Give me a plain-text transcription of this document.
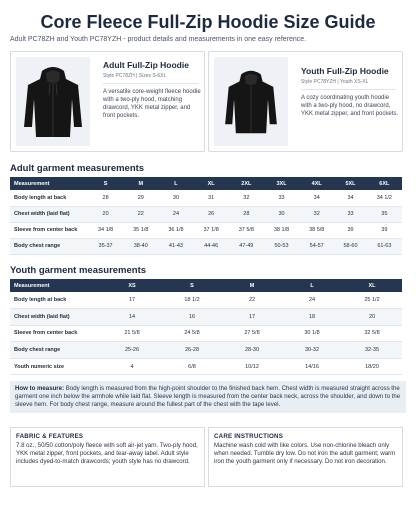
Core Fleece Full-Zip Hoodie Size Guide
Adult PC78ZH and Youth PC78YZH - product details and measurements in one easy reference.
Adult Full-Zip Hoodie
Style PC78ZH | Sizes S-6XL
A versatile core-weight fleece hoodie with a two-ply hood, matching drawcord, YKK metal zipper, and front pockets.
Youth Full-Zip Hoodie
Style PC78YZH | Youth XS-XL
A cozy coordinating youth hoodie with a two-ply hood, no drawcord, YKK metal zipper, and front pockets.
Adult garment measurements
Measurement	S	M	L	XL	2XL	3XL	4XL	5XL	6XL
Body length at back	28	29	30	31	32	33	34	34	34 1/2
Chest width (laid flat)	20	22	24	26	28	30	32	33	35
Sleeve from center back	34 1/8	35 1/8	36 1/8	37 1/8	37 5/8	38 1/8	38 5/8	39	39
Body chest range	35-37	38-40	41-43	44-46	47-49	50-53	54-57	58-60	61-63
Youth garment measurements
Measurement	XS	S	M	L	XL
Body length at back	17	18 1/2	22	24	25 1/2
Chest width (laid flat)	14	16	17	18	20
Sleeve from center back	21 5/8	24 5/8	27 5/8	30 1/8	32 5/8
Body chest range	25-26	26-28	28-30	30-32	32-35
Youth numeric size	4	6/8	10/12	14/16	18/20
How to measure: Body length is measured from the high-point shoulder to the finished back hem. Chest width is measured straight across the garment one inch below the armhole while laid flat. Sleeve length is measured from the center back neck, across the shoulder, and down to the sleeve hem. For body chest range, measure around the fullest part of the chest with the tape level.
FABRIC & FEATURES
7.8 oz., 50/50 cotton/poly fleece with soft air-jet yarn. Two-ply hood, YKK metal zipper, front pockets, and tear-away label. Adult style includes dyed-to-match drawcords; youth style has no drawcord.
CARE INSTRUCTIONS
Machine wash cold with like colors. Use non-chlorine bleach only when needed. Tumble dry low. Do not iron the adult garment; warm iron the youth garment only if necessary. Do not iron decoration.
